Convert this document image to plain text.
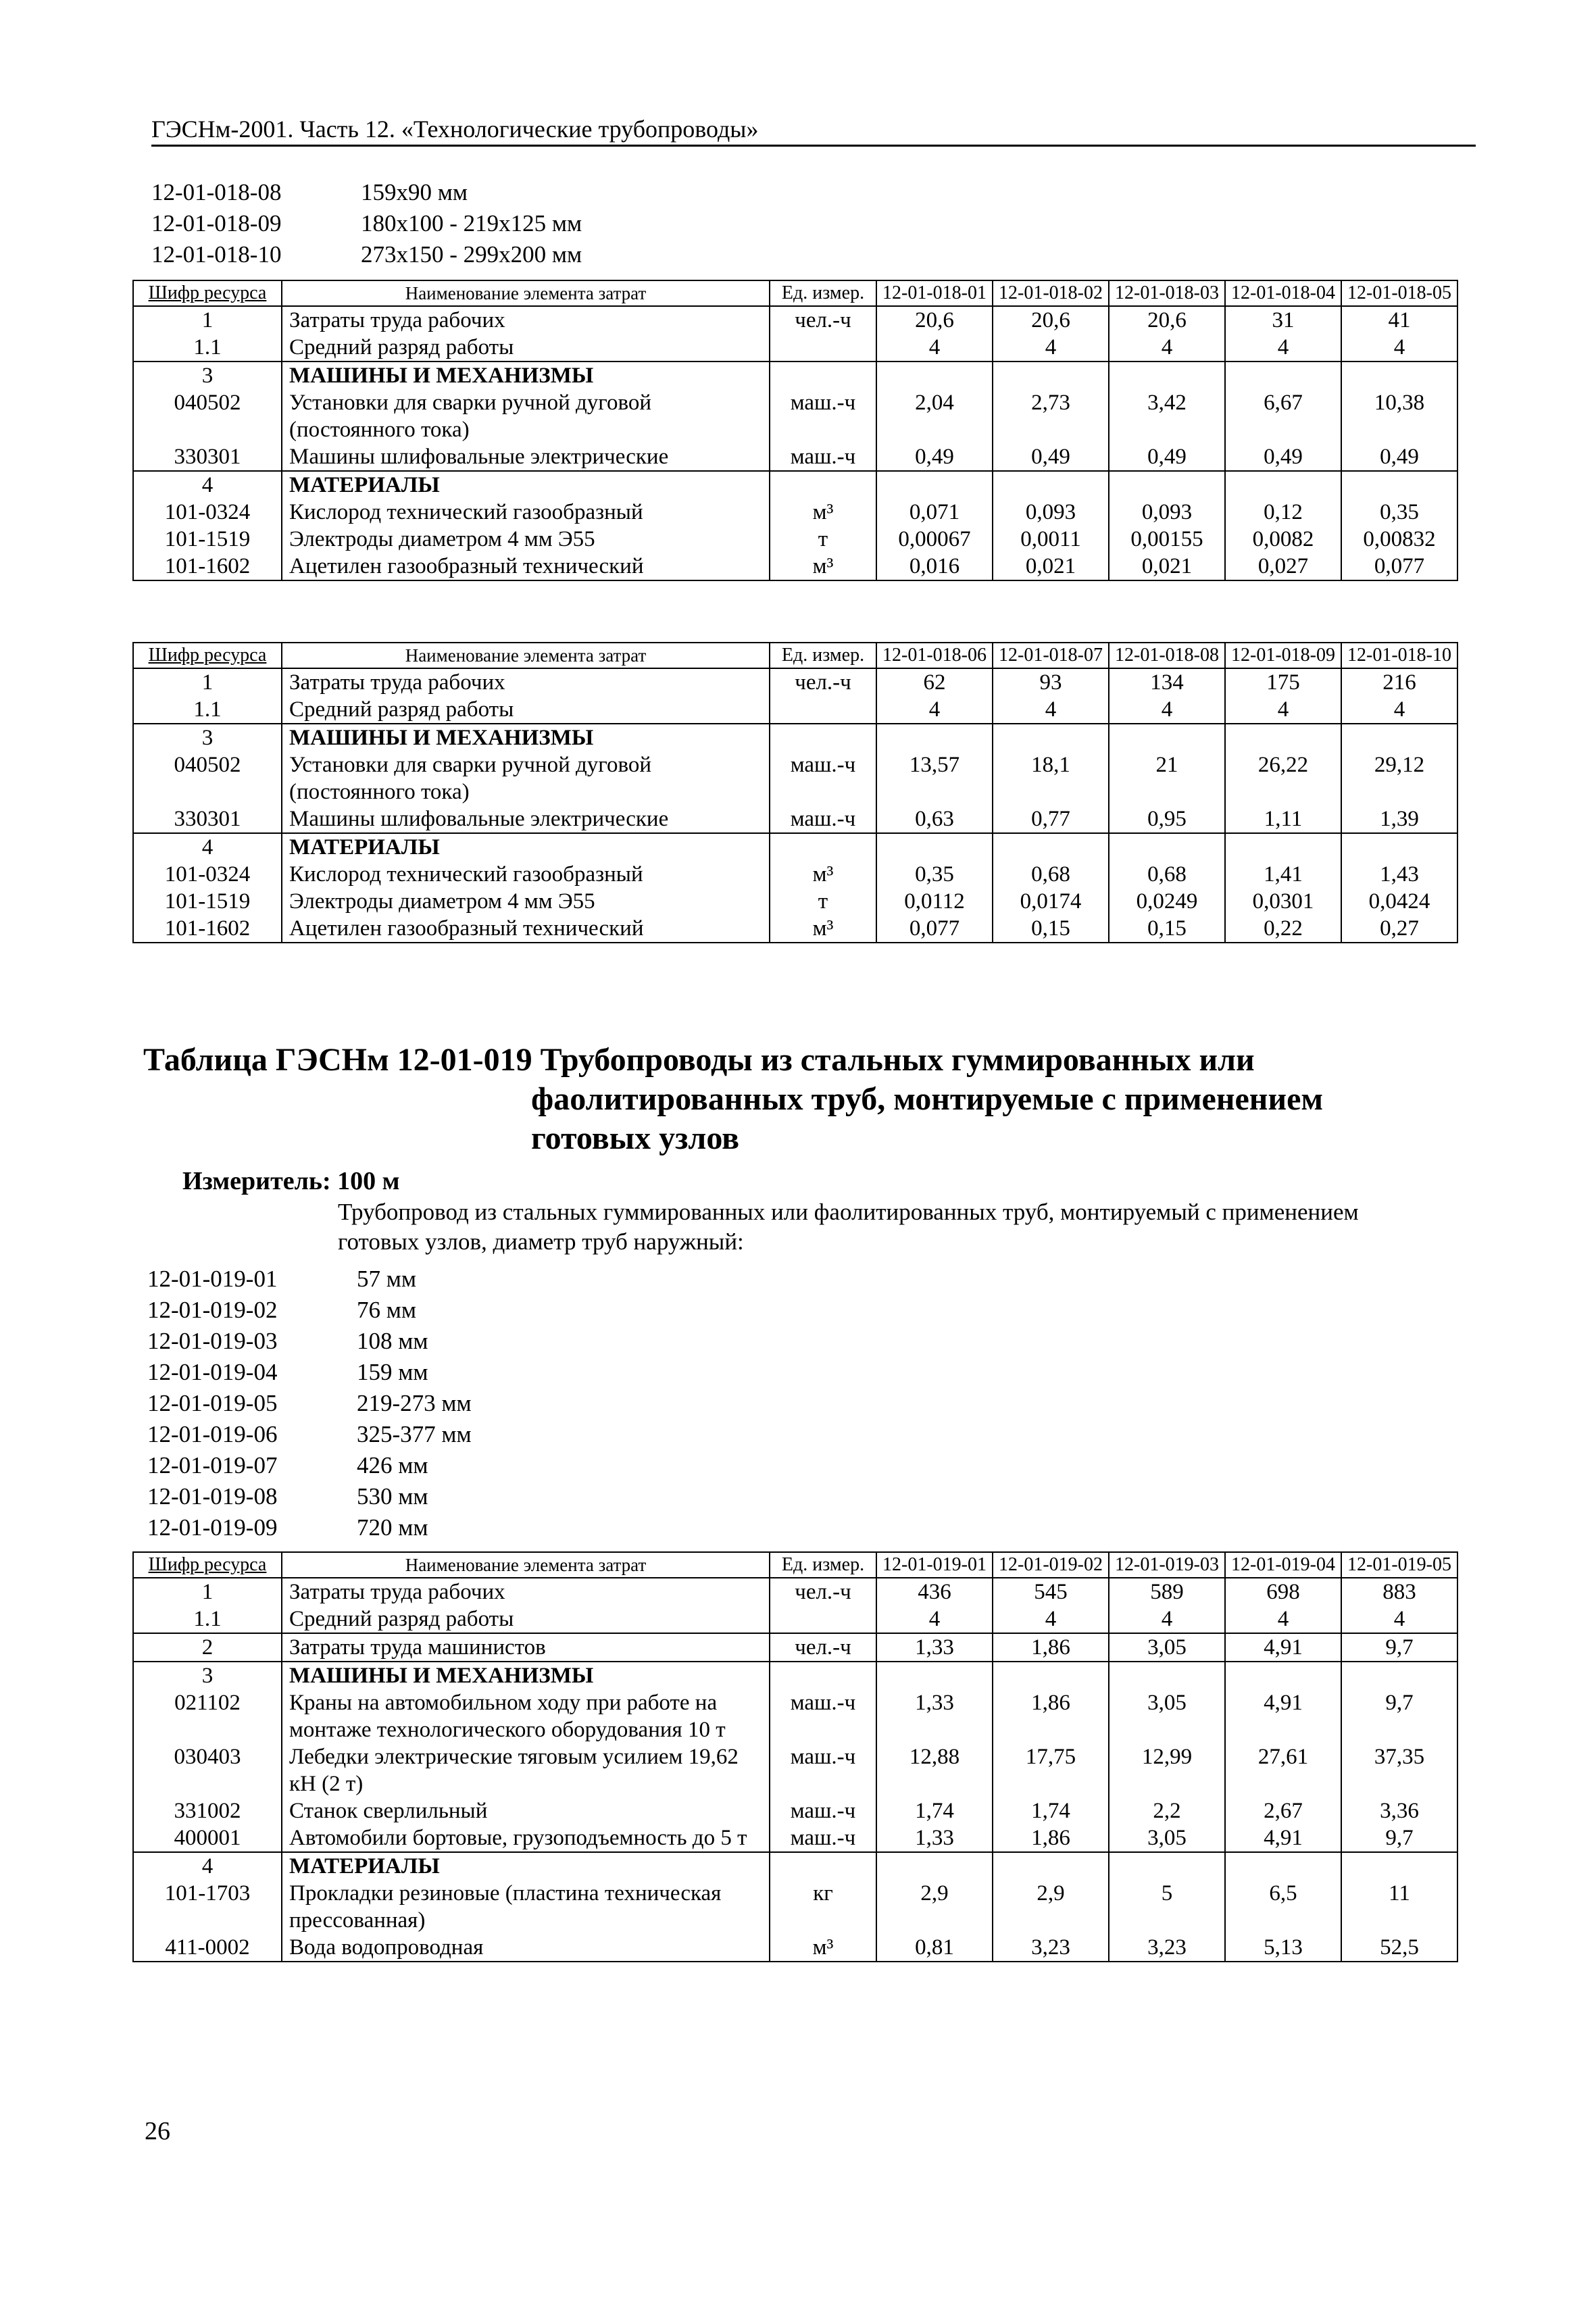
ГЭСНм-2001. Часть 12. «Технологические трубопроводы»
12-01-018-08	159х90 мм
12-01-018-09	180х100 - 219х125 мм
12-01-018-10	273х150 - 299х200 мм
Шифр ресурса	Наименование элемента затрат	Ед. измер.	12-01-018-01	12-01-018-02	12-01-018-03	12-01-018-04	12-01-018-05
1	Затраты труда рабочих	чел.-ч	20,6	20,6	20,6	31	41
1.1	Средний разряд работы		4	4	4	4	4
3	МАШИНЫ И МЕХАНИЗМЫ						
040502	Установки для сварки ручной дуговой (постоянного тока)	маш.-ч	2,04	2,73	3,42	6,67	10,38
330301	Машины шлифовальные электрические	маш.-ч	0,49	0,49	0,49	0,49	0,49
4	МАТЕРИАЛЫ						
101-0324	Кислород технический газообразный	м³	0,071	0,093	0,093	0,12	0,35
101-1519	Электроды диаметром 4 мм Э55	т	0,00067	0,0011	0,00155	0,0082	0,00832
101-1602	Ацетилен газообразный технический	м³	0,016	0,021	0,021	0,027	0,077
Шифр ресурса	Наименование элемента затрат	Ед. измер.	12-01-018-06	12-01-018-07	12-01-018-08	12-01-018-09	12-01-018-10
1	Затраты труда рабочих	чел.-ч	62	93	134	175	216
1.1	Средний разряд работы		4	4	4	4	4
3	МАШИНЫ И МЕХАНИЗМЫ						
040502	Установки для сварки ручной дуговой (постоянного тока)	маш.-ч	13,57	18,1	21	26,22	29,12
330301	Машины шлифовальные электрические	маш.-ч	0,63	0,77	0,95	1,11	1,39
4	МАТЕРИАЛЫ						
101-0324	Кислород технический газообразный	м³	0,35	0,68	0,68	1,41	1,43
101-1519	Электроды диаметром 4 мм Э55	т	0,0112	0,0174	0,0249	0,0301	0,0424
101-1602	Ацетилен газообразный технический	м³	0,077	0,15	0,15	0,22	0,27
Таблица ГЭСНм 12-01-019 Трубопроводы из стальных гуммированных или
фаолитированных труб, монтируемые с применением
готовых узлов
Измеритель: 100 м
Трубопровод из стальных гуммированных или фаолитированных труб, монтируемый с применением готовых узлов, диаметр труб наружный:
12-01-019-01	57 мм
12-01-019-02	76 мм
12-01-019-03	108 мм
12-01-019-04	159 мм
12-01-019-05	219-273 мм
12-01-019-06	325-377 мм
12-01-019-07	426 мм
12-01-019-08	530 мм
12-01-019-09	720 мм
Шифр ресурса	Наименование элемента затрат	Ед. измер.	12-01-019-01	12-01-019-02	12-01-019-03	12-01-019-04	12-01-019-05
1	Затраты труда рабочих	чел.-ч	436	545	589	698	883
1.1	Средний разряд работы		4	4	4	4	4
2	Затраты труда машинистов	чел.-ч	1,33	1,86	3,05	4,91	9,7
3	МАШИНЫ И МЕХАНИЗМЫ						
021102	Краны на автомобильном ходу при работе на монтаже технологического оборудования 10 т	маш.-ч	1,33	1,86	3,05	4,91	9,7
030403	Лебедки электрические тяговым усилием 19,62 кН (2 т)	маш.-ч	12,88	17,75	12,99	27,61	37,35
331002	Станок сверлильный	маш.-ч	1,74	1,74	2,2	2,67	3,36
400001	Автомобили бортовые, грузоподъемность до 5 т	маш.-ч	1,33	1,86	3,05	4,91	9,7
4	МАТЕРИАЛЫ						
101-1703	Прокладки резиновые (пластина техническая прессованная)	кг	2,9	2,9	5	6,5	11
411-0002	Вода водопроводная	м³	0,81	3,23	3,23	5,13	52,5
26
